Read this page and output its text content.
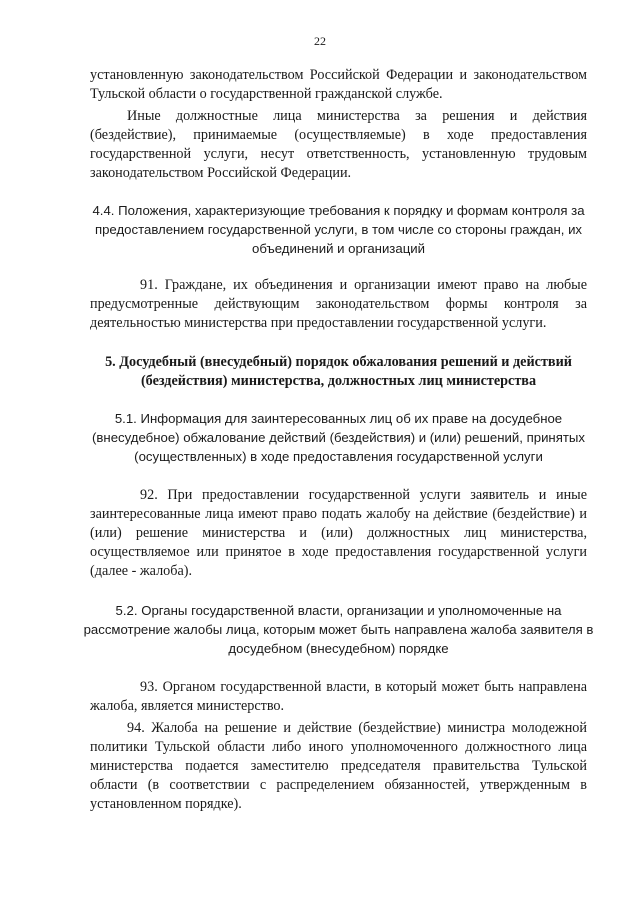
22

установленную законодательством Российской Федерации и законодательством Тульской области о государственной гражданской службе.

Иные должностные лица министерства за решения и действия (бездействие), принимаемые (осуществляемые) в ходе предоставления государственной услуги, несут ответственность, установленную трудовым законодательством Российской Федерации.

4.4. Положения, характеризующие требования к порядку и формам контроля за предоставлением государственной услуги, в том числе со стороны граждан, их объединений и организаций

91. Граждане, их объединения и организации имеют право на любые предусмотренные действующим законодательством формы контроля за деятельностью министерства при предоставлении государственной услуги.

5. Досудебный (внесудебный) порядок обжалования решений и действий (бездействия) министерства, должностных лиц министерства

5.1. Информация для заинтересованных лиц об их праве на досудебное (внесудебное) обжалование действий (бездействия) и (или) решений, принятых (осуществленных) в ходе предоставления государственной услуги

92. При предоставлении государственной услуги заявитель и иные заинтересованные лица имеют право подать жалобу на действие (бездействие) и (или) решение министерства и (или) должностных лиц министерства, осуществляемое или принятое в ходе предоставления государственной услуги (далее - жалоба).

5.2. Органы государственной власти, организации и уполномоченные на рассмотрение жалобы лица, которым может быть направлена жалоба заявителя в досудебном (внесудебном) порядке

93. Органом государственной власти, в который может быть направлена жалоба, является министерство.

94. Жалоба на решение и действие (бездействие) министра молодежной политики Тульской области либо иного уполномоченного должностного лица министерства подается заместителю председателя правительства Тульской области (в соответствии с распределением обязанностей, утвержденным в установленном порядке).
